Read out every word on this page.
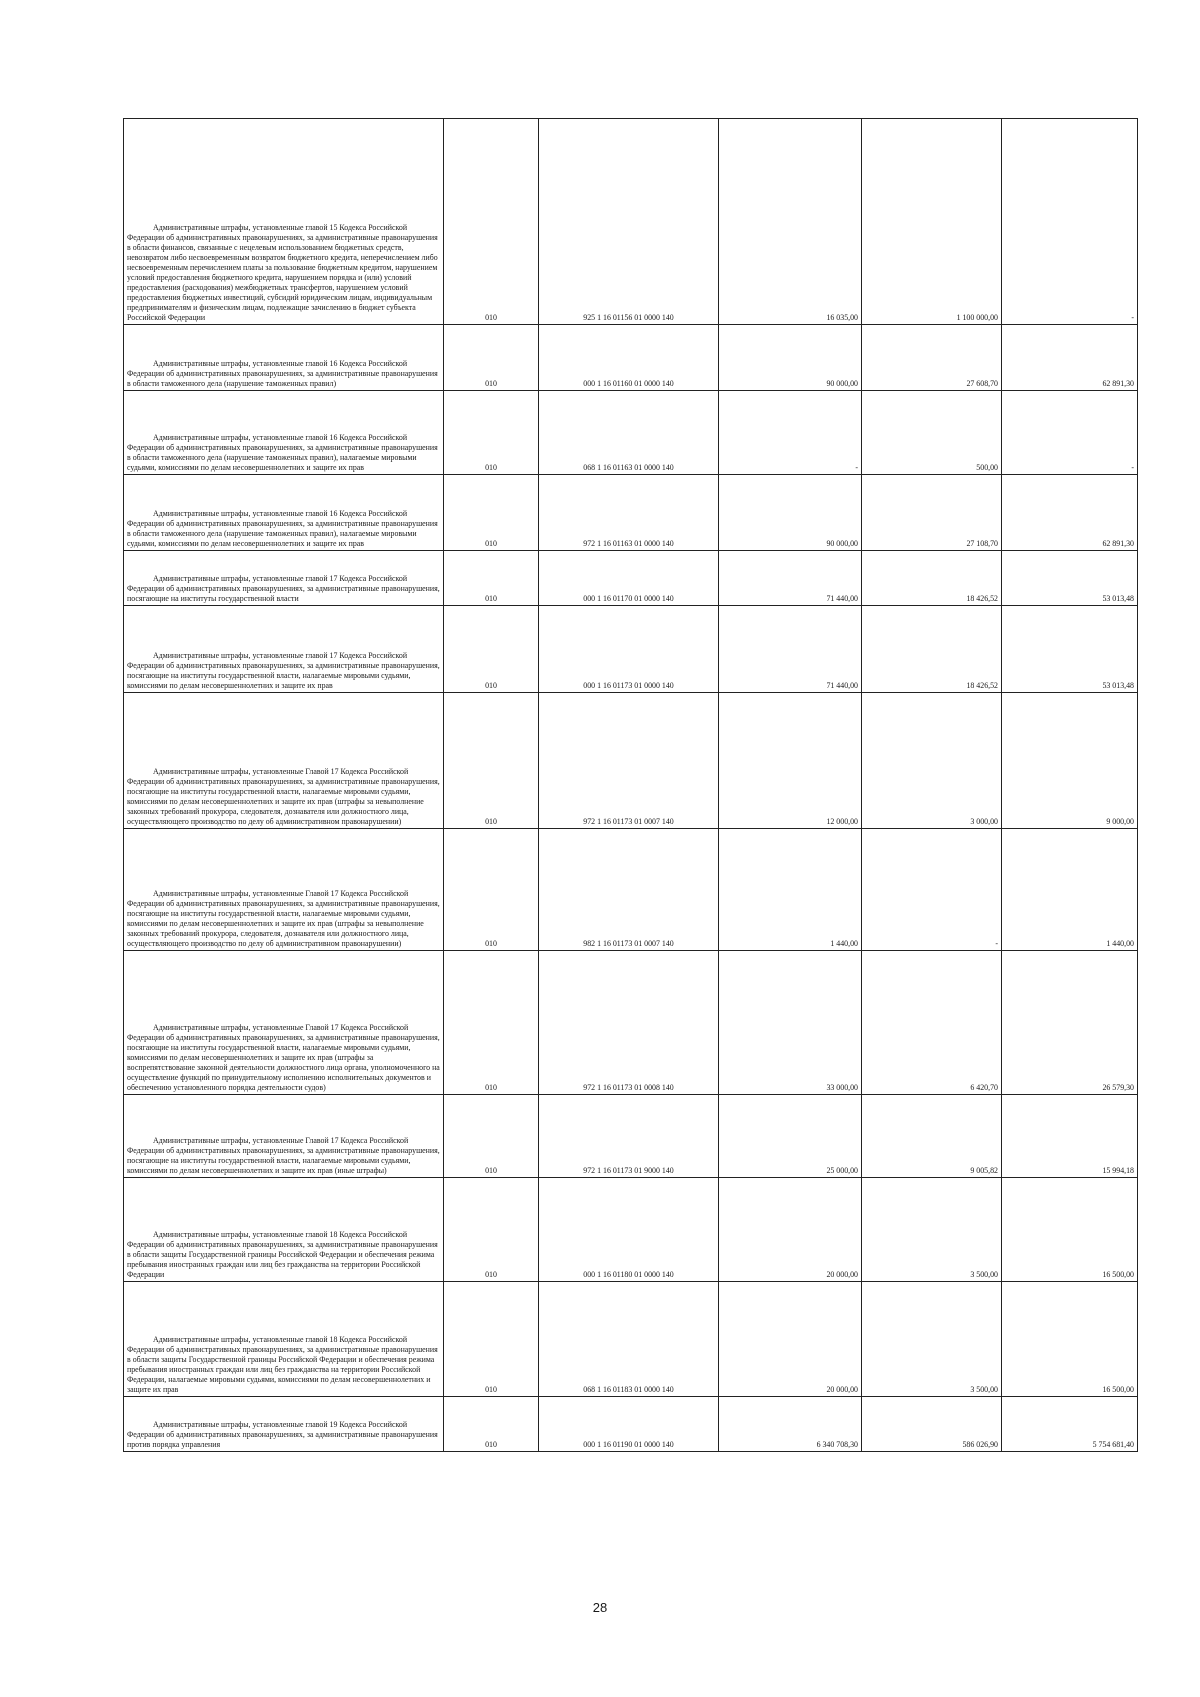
Административные штрафы, установленные главой 15 Кодекса Российской Федерации об административных правонарушениях, за административные правонарушения в области финансов, связанные с нецелевым использованием бюджетных средств, невозвратом либо несвоевременным возвратом бюджетного кредита, неперечислением либо несвоевременным перечислением платы за пользование бюджетным кредитом, нарушением условий предоставления бюджетного кредита, нарушением порядка и (или) условий предоставления (расходования) межбюджетных трансфертов, нарушением условий предоставления бюджетных инвестиций, субсидий юридическим лицам, индивидуальным предпринимателям и физическим лицам, подлежащие зачислению в бюджет субъекта Российской Федерации	010	925 1 16 01156 01 0000 140	16 035,00	1 100 000,00	-

Административные штрафы, установленные главой 16 Кодекса Российской Федерации об административных правонарушениях, за административные правонарушения в области таможенного дела (нарушение таможенных правил)	010	000 1 16 01160 01 0000 140	90 000,00	27 608,70	62 891,30

Административные штрафы, установленные главой 16 Кодекса Российской Федерации об административных правонарушениях, за административные правонарушения в области таможенного дела (нарушение таможенных правил), налагаемые мировыми судьями, комиссиями по делам несовершеннолетних и защите их прав	010	068 1 16 01163 01 0000 140	-	500,00	-

Административные штрафы, установленные главой 16 Кодекса Российской Федерации об административных правонарушениях, за административные правонарушения в области таможенного дела (нарушение таможенных правил), налагаемые мировыми судьями, комиссиями по делам несовершеннолетних и защите их прав	010	972 1 16 01163 01 0000 140	90 000,00	27 108,70	62 891,30

Административные штрафы, установленные главой 17 Кодекса Российской Федерации об административных правонарушениях, за административные правонарушения, посягающие на институты государственной власти	010	000 1 16 01170 01 0000 140	71 440,00	18 426,52	53 013,48

Административные штрафы, установленные главой 17 Кодекса Российской Федерации об административных правонарушениях, за административные правонарушения, посягающие на институты государственной власти, налагаемые мировыми судьями, комиссиями по делам несовершеннолетних и защите их прав	010	000 1 16 01173 01 0000 140	71 440,00	18 426,52	53 013,48

Административные штрафы, установленные Главой 17 Кодекса Российской Федерации об административных правонарушениях, за административные правонарушения, посягающие на институты государственной власти, налагаемые мировыми судьями, комиссиями по делам несовершеннолетних и защите их прав (штрафы за невыполнение законных требований прокурора, следователя, дознавателя или должностного лица, осуществляющего производство по делу об административном правонарушении)	010	972 1 16 01173 01 0007 140	12 000,00	3 000,00	9 000,00

Административные штрафы, установленные Главой 17 Кодекса Российской Федерации об административных правонарушениях, за административные правонарушения, посягающие на институты государственной власти, налагаемые мировыми судьями, комиссиями по делам несовершеннолетних и защите их прав (штрафы за невыполнение законных требований прокурора, следователя, дознавателя или должностного лица, осуществляющего производство по делу об административном правонарушении)	010	982 1 16 01173 01 0007 140	1 440,00	-	1 440,00

Административные штрафы, установленные Главой 17 Кодекса Российской Федерации об административных правонарушениях, за административные правонарушения, посягающие на институты государственной власти, налагаемые мировыми судьями, комиссиями по делам несовершеннолетних и защите их прав (штрафы за воспрепятствование законной деятельности должностного лица органа, уполномоченного на осуществление функций по принудительному исполнению исполнительных документов и обеспечению установленного порядка деятельности судов)	010	972 1 16 01173 01 0008 140	33 000,00	6 420,70	26 579,30

Административные штрафы, установленные Главой 17 Кодекса Российской Федерации об административных правонарушениях, за административные правонарушения, посягающие на институты государственной власти, налагаемые мировыми судьями, комиссиями по делам несовершеннолетних и защите их прав (иные штрафы)	010	972 1 16 01173 01 9000 140	25 000,00	9 005,82	15 994,18

Административные штрафы, установленные главой 18 Кодекса Российской Федерации об административных правонарушениях, за административные правонарушения в области защиты Государственной границы Российской Федерации и обеспечения режима пребывания иностранных граждан или лиц без гражданства на территории Российской Федерации	010	000 1 16 01180 01 0000 140	20 000,00	3 500,00	16 500,00

Административные штрафы, установленные главой 18 Кодекса Российской Федерации об административных правонарушениях, за административные правонарушения в области защиты Государственной границы Российской Федерации и обеспечения режима пребывания иностранных граждан или лиц без гражданства на территории Российской Федерации, налагаемые мировыми судьями, комиссиями по делам несовершеннолетних и защите их прав	010	068 1 16 01183 01 0000 140	20 000,00	3 500,00	16 500,00

Административные штрафы, установленные главой 19 Кодекса Российской Федерации об административных правонарушениях, за административные правонарушения против порядка управления	010	000 1 16 01190 01 0000 140	6 340 708,30	586 026,90	5 754 681,40
28
